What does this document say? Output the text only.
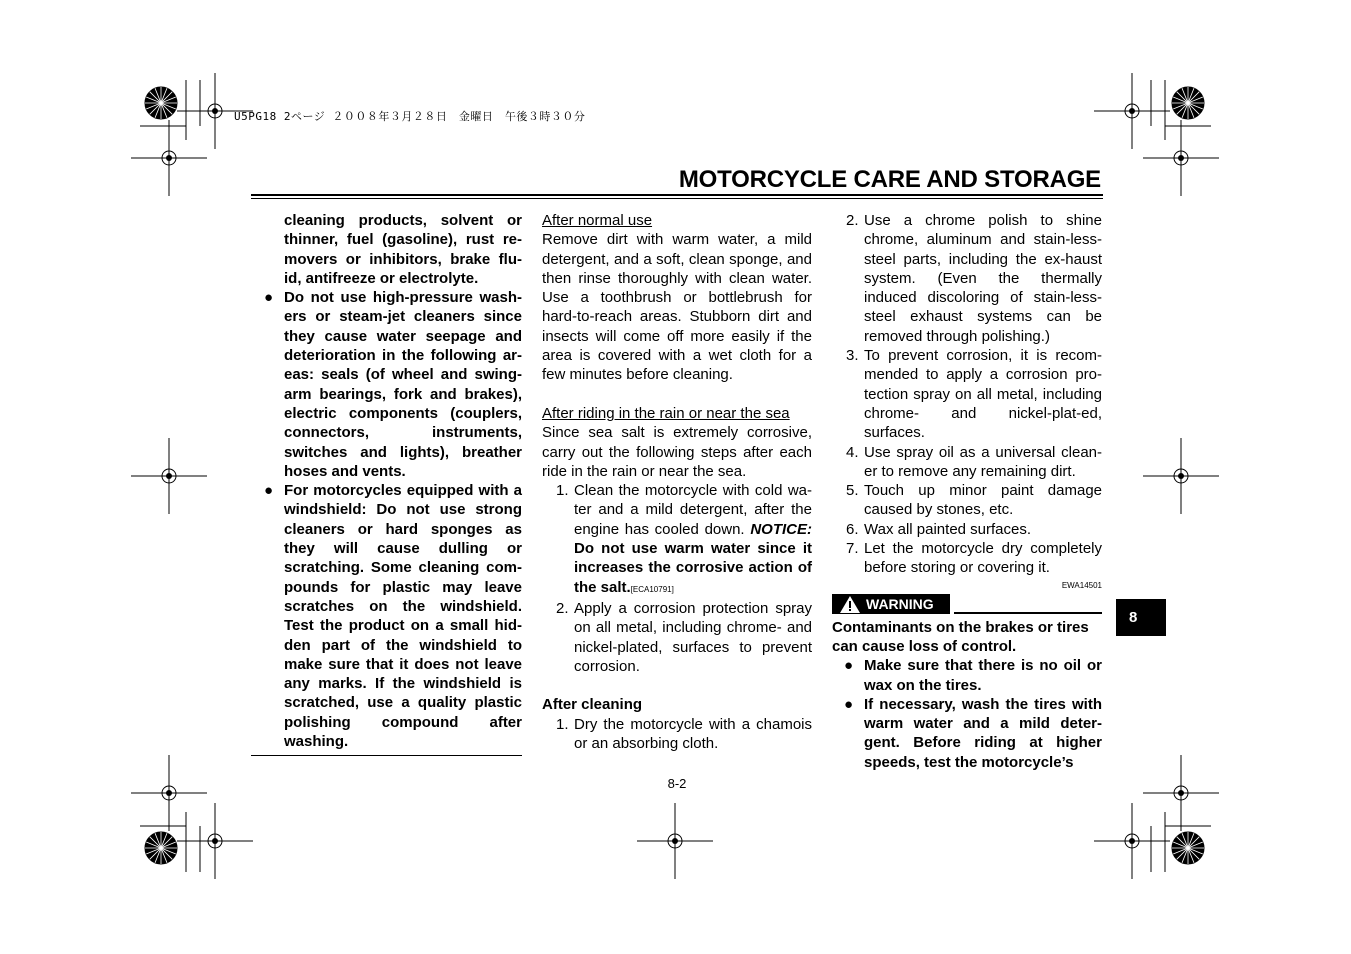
U5PG18 2ページ ２００８年３月２８日　金曜日　午後３時３０分
MOTORCYCLE CARE AND STORAGE
cleaning products, solvent or thinner, fuel (gasoline), rust re-movers or inhibitors, brake flu-id, antifreeze or electrolyte.
● Do not use high-pressure wash-ers or steam-jet cleaners since they cause water seepage and deterioration in the following ar-eas: seals (of wheel and swing-arm bearings, fork and brakes), electric components (couplers, connectors, instruments, switches and lights), breather hoses and vents.
● For motorcycles equipped with a windshield: Do not use strong cleaners or hard sponges as they will cause dulling or scratching. Some cleaning com-pounds for plastic may leave scratches on the windshield. Test the product on a small hid-den part of the windshield to make sure that it does not leave any marks. If the windshield is scratched, use a quality plastic polishing compound after washing.
After normal use
Remove dirt with warm water, a mild detergent, and a soft, clean sponge, and then rinse thoroughly with clean water. Use a toothbrush or bottlebrush for hard-to-reach areas. Stubborn dirt and insects will come off more easily if the area is covered with a wet cloth for a few minutes before cleaning.
After riding in the rain or near the sea
Since sea salt is extremely corrosive, carry out the following steps after each ride in the rain or near the sea.
1. Clean the motorcycle with cold wa-ter and a mild detergent, after the engine has cooled down. NOTICE: Do not use warm water since it increases the corrosive action of the salt.[ECA10791]
2. Apply a corrosion protection spray on all metal, including chrome- and nickel-plated, surfaces to prevent corrosion.
After cleaning
1. Dry the motorcycle with a chamois or an absorbing cloth.
2. Use a chrome polish to shine chrome, aluminum and stain-less-steel parts, including the ex-haust system. (Even the thermally induced discoloring of stain-less-steel exhaust systems can be removed through polishing.)
3. To prevent corrosion, it is recom-mended to apply a corrosion pro-tection spray on all metal, including chrome- and nickel-plat-ed, surfaces.
4. Use spray oil as a universal clean-er to remove any remaining dirt.
5. Touch up minor paint damage caused by stones, etc.
6. Wax all painted surfaces.
7. Let the motorcycle dry completely before storing or covering it.
EWA14501
WARNING
Contaminants on the brakes or tires can cause loss of control.
● Make sure that there is no oil or wax on the tires.
● If necessary, wash the tires with warm water and a mild deter-gent. Before riding at higher speeds, test the motorcycle’s
8-2
8
